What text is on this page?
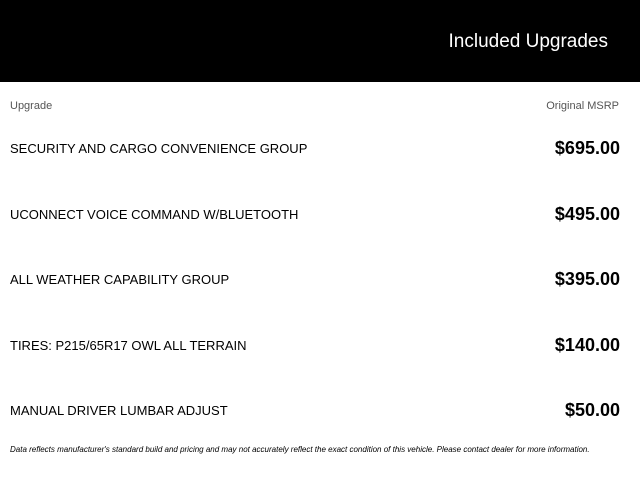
Included Upgrades
Upgrade	Original MSRP
SECURITY AND CARGO CONVENIENCE GROUP	$695.00
UCONNECT VOICE COMMAND W/BLUETOOTH	$495.00
ALL WEATHER CAPABILITY GROUP	$395.00
TIRES: P215/65R17 OWL ALL TERRAIN	$140.00
MANUAL DRIVER LUMBAR ADJUST	$50.00
Data reflects manufacturer's standard build and pricing and may not accurately reflect the exact condition of this vehicle. Please contact dealer for more information.
